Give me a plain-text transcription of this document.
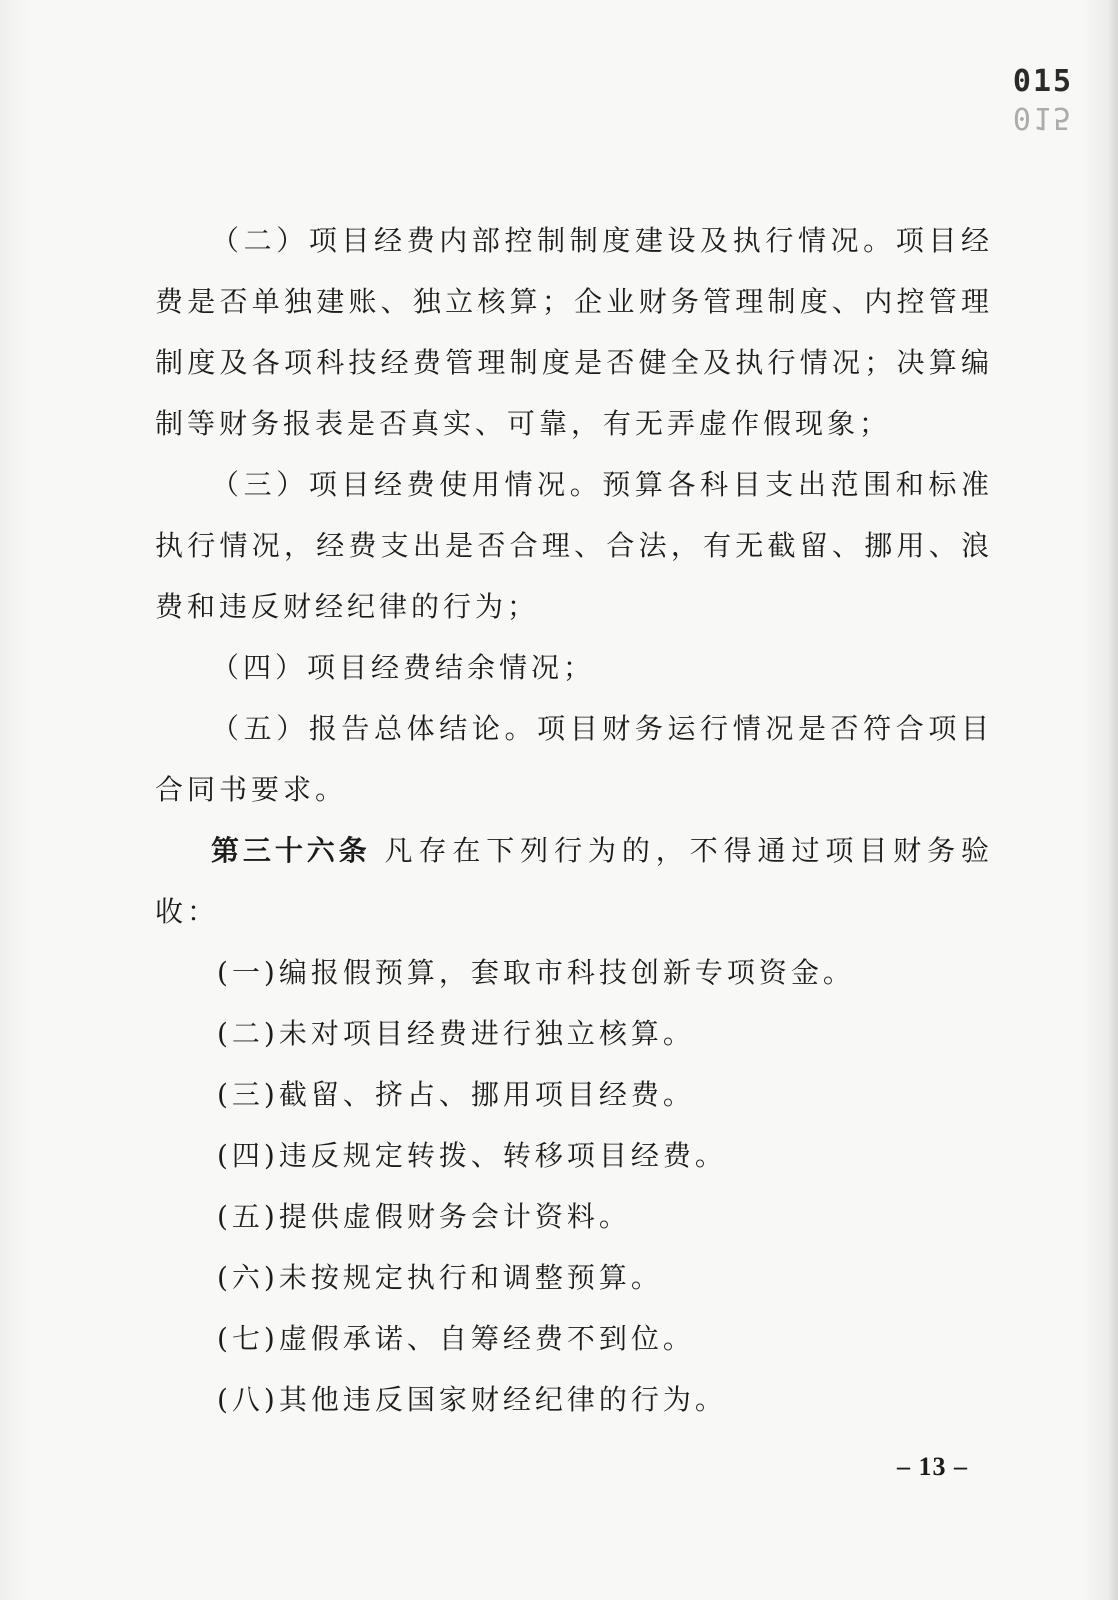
015
015

（二）项目经费内部控制制度建设及执行情况。项目经费是否单独建账、独立核算；企业财务管理制度、内控管理制度及各项科技经费管理制度是否健全及执行情况；决算编制等财务报表是否真实、可靠，有无弄虚作假现象；

（三）项目经费使用情况。预算各科目支出范围和标准执行情况，经费支出是否合理、合法，有无截留、挪用、浪费和违反财经纪律的行为；

（四）项目经费结余情况；

（五）报告总体结论。项目财务运行情况是否符合项目合同书要求。

第三十六条 凡存在下列行为的，不得通过项目财务验收：

(一)编报假预算，套取市科技创新专项资金。

(二)未对项目经费进行独立核算。

(三)截留、挤占、挪用项目经费。

(四)违反规定转拨、转移项目经费。

(五)提供虚假财务会计资料。

(六)未按规定执行和调整预算。

(七)虚假承诺、自筹经费不到位。

(八)其他违反国家财经纪律的行为。

– 13 –
